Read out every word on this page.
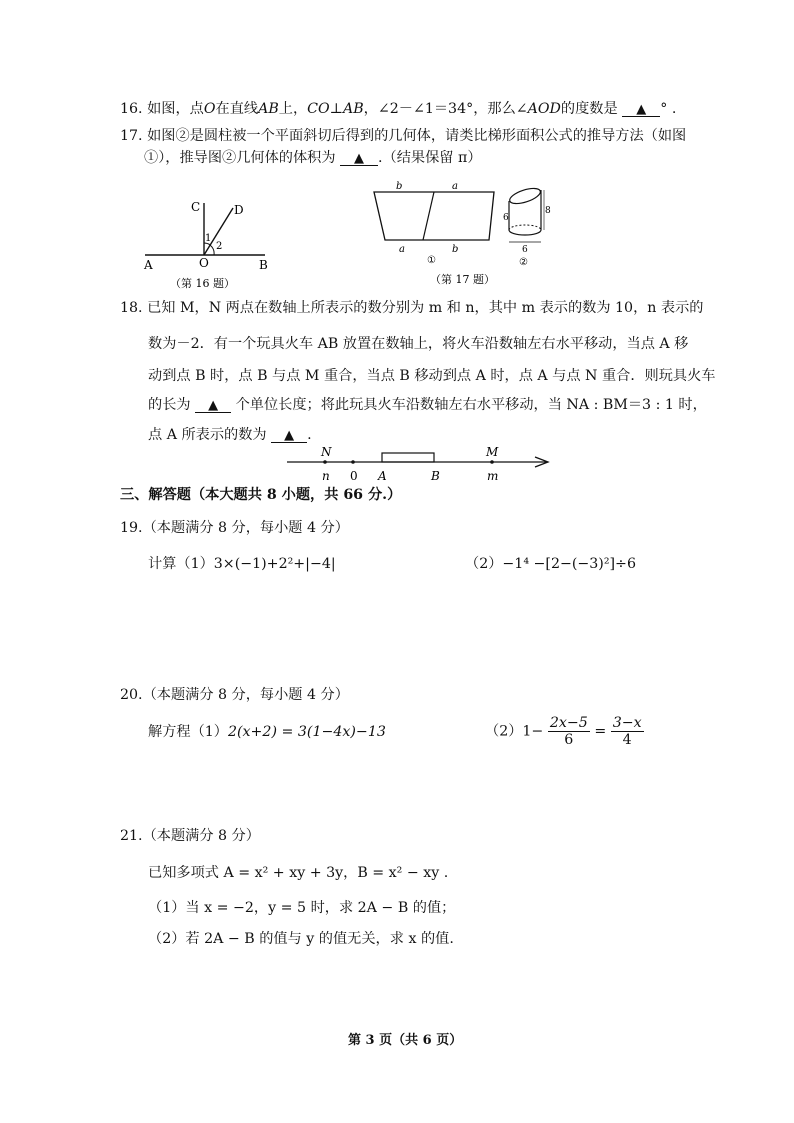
16. 如图，点O在直线AB上，CO⊥AB，∠2－∠1＝34°，那么∠AOD的度数是 ▲ ° .
17. 如图②是圆柱被一个平面斜切后得到的几何体，请类比梯形面积公式的推导方法（如图
①），推导图②几何体的体积为 ▲ .（结果保留 π）
C	D
1
2
A	O	B
（第 16 题）
b	a
a	b
①
6
8
6
②
（第 17 题）
18. 已知 M，N 两点在数轴上所表示的数分别为 m 和 n，其中 m 表示的数为 10，n 表示的
数为－2．有一个玩具火车 AB 放置在数轴上，将火车沿数轴左右水平移动，当点 A 移
动到点 B 时，点 B 与点 M 重合，当点 B 移动到点 A 时，点 A 与点 N 重合．则玩具火车
的长为 ▲ 个单位长度；将此玩具火车沿数轴左右水平移动，当 NA : BM＝3 : 1 时，
点 A 所表示的数为 ▲ .
N	M
n 0 A	B	m
三、解答题（本大题共 8 小题，共 66 分.）
19.（本题满分 8 分，每小题 4 分）
计算（1）3×(−1)+2²+|−4|	（2）−1⁴ −[2−(−3)²]÷6
20.（本题满分 8 分，每小题 4 分）
解方程（1）2(x+2) = 3(1−4x)−13	$(2)1- \frac{2x-5}{6} = \frac{3-x}{4}$
21.（本题满分 8 分）
已知多项式 A = x² + xy + 3y，B = x² − xy .
（1）当 x = −2，y = 5 时，求 2A − B 的值；
（2）若 2A − B 的值与 y 的值无关，求 x 的值.
第 3 页（共 6 页）
